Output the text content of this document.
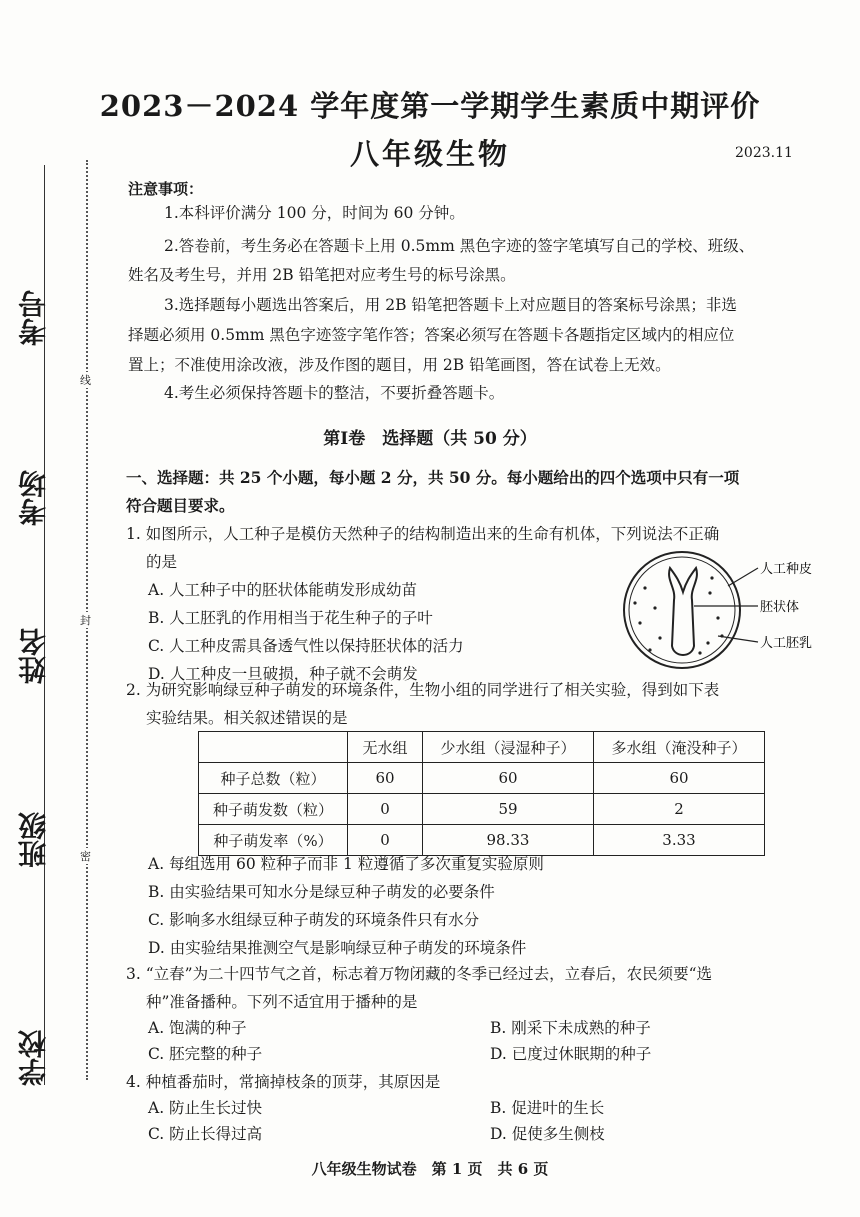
考号
考场
姓名
班级
学校
线
封
密
2023－2024 学年度第一学期学生素质中期评价
八年级生物	2023.11
注意事项：
1.本科评价满分 100 分，时间为 60 分钟。
2.答卷前，考生务必在答题卡上用 0.5mm 黑色字迹的签字笔填写自己的学校、班级、
姓名及考生号，并用 2B 铅笔把对应考生号的标号涂黑。
3.选择题每小题选出答案后，用 2B 铅笔把答题卡上对应题目的答案标号涂黑；非选
择题必须用 0.5mm 黑色字迹签字笔作答；答案必须写在答题卡各题指定区域内的相应位
置上；不准使用涂改液，涉及作图的题目，用 2B 铅笔画图，答在试卷上无效。
4.考生必须保持答题卡的整洁，不要折叠答题卡。
第Ⅰ卷　选择题（共 50 分）
一、选择题：共 25 个小题，每小题 2 分，共 50 分。每小题给出的四个选项中只有一项
符合题目要求。
1. 如图所示，人工种子是模仿天然种子的结构制造出来的生命有机体，下列说法不正确
的是
A. 人工种子中的胚状体能萌发形成幼苗
B. 人工胚乳的作用相当于花生种子的子叶
C. 人工种皮需具备透气性以保持胚状体的活力
D. 人工种皮一旦破损，种子就不会萌发
人工种皮
胚状体
人工胚乳
2. 为研究影响绿豆种子萌发的环境条件，生物小组的同学进行了相关实验，得到如下表
实验结果。相关叙述错误的是
	无水组	少水组（浸湿种子）	多水组（淹没种子）
种子总数（粒）	60	60	60
种子萌发数（粒）	0	59	2
种子萌发率（%）	0	98.33	3.33
A. 每组选用 60 粒种子而非 1 粒遵循了多次重复实验原则
B. 由实验结果可知水分是绿豆种子萌发的必要条件
C. 影响多水组绿豆种子萌发的环境条件只有水分
D. 由实验结果推测空气是影响绿豆种子萌发的环境条件
3. “立春”为二十四节气之首，标志着万物闭藏的冬季已经过去，立春后，农民须要“选
种”准备播种。下列不适宜用于播种的是
A. 饱满的种子	B. 刚采下未成熟的种子
C. 胚完整的种子	D. 已度过休眠期的种子
4. 种植番茄时，常摘掉枝条的顶芽，其原因是
A. 防止生长过快	B. 促进叶的生长
C. 防止长得过高	D. 促使多生侧枝
八年级生物试卷　第 1 页　共 6 页
